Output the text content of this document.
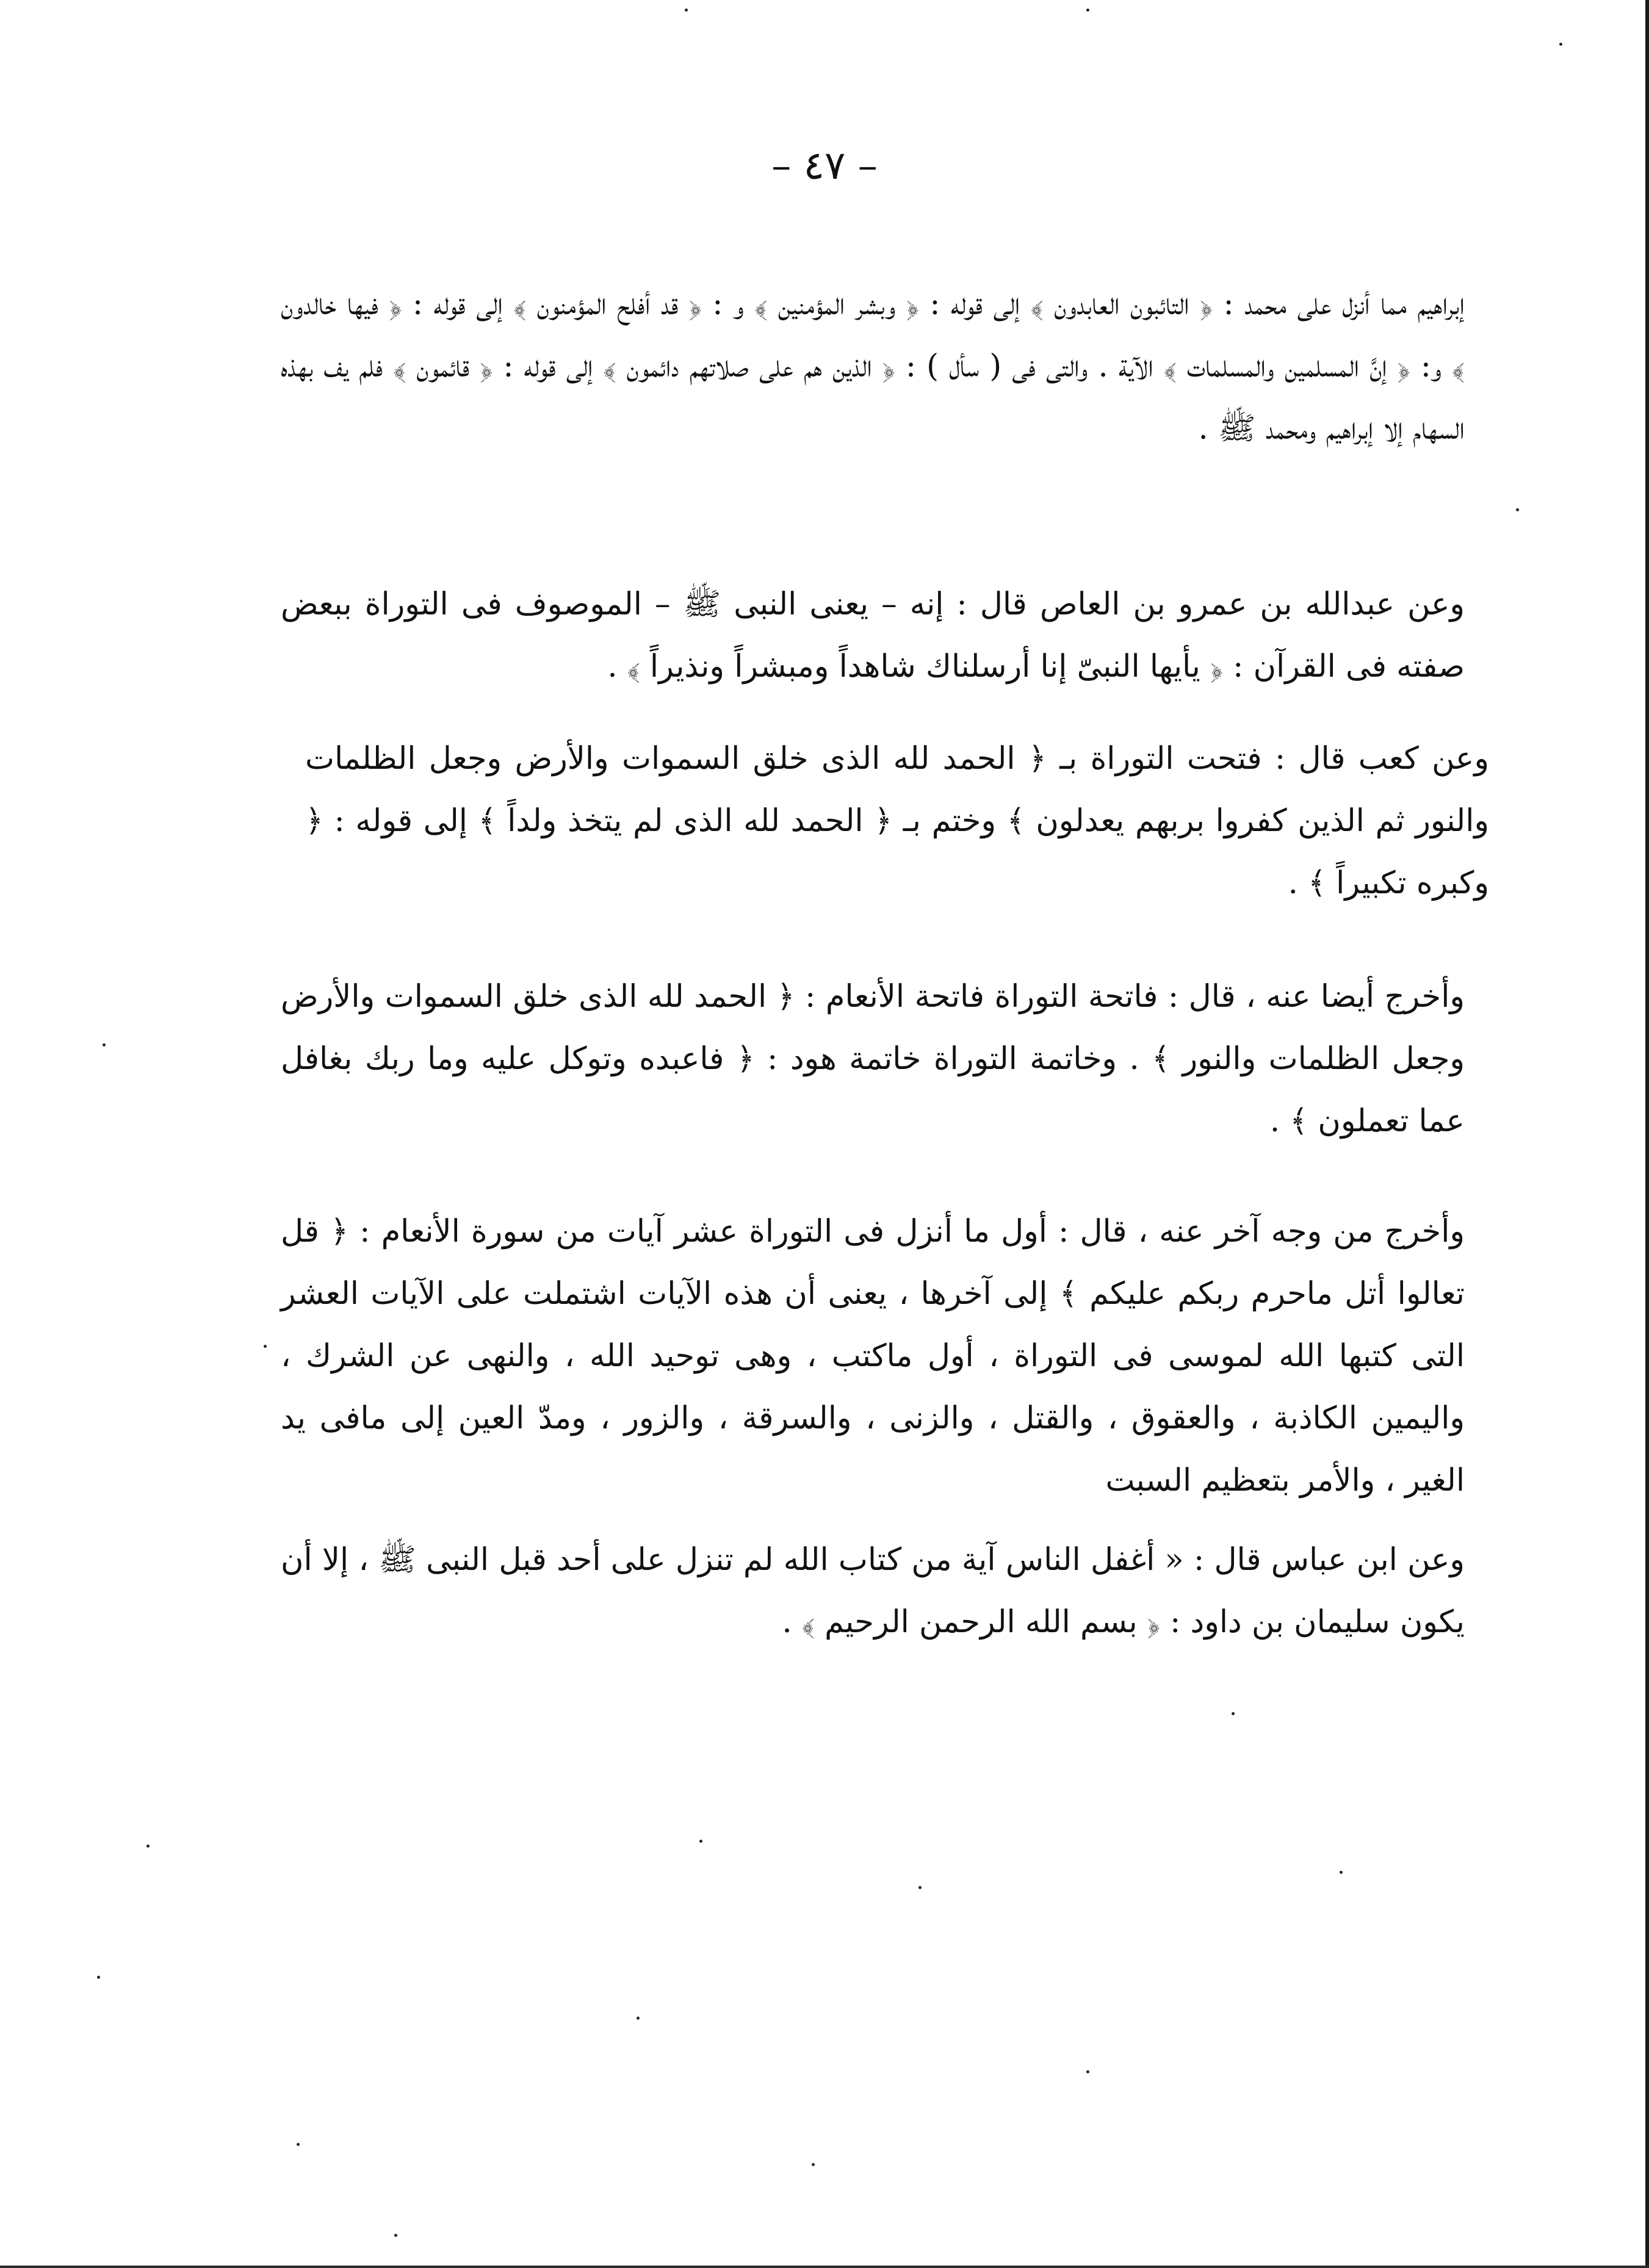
– ٤٧ –

إبراهيم مما أنزل على محمد : ﴿ التائبون العابدون ﴾ إلى قوله : ﴿ وبشر المؤمنين ﴾ و : ﴿ قد أفلح المؤمنون ﴾ إلى قوله : ﴿ فيها خالدون ﴾ و: ﴿ إنَّ المسلمين والمسلمات ﴾ الآية . والتى فى ( سأل ) : ﴿ الذين هم على صلاتهم دائمون ﴾ إلى قوله : ﴿ قائمون ﴾ فلم يف بهذه السهام إلا إبراهيم ومحمد ﷺ .

وعن عبدالله بن عمرو بن العاص قال : إنه – يعنى النبى ﷺ – الموصوف فى التوراة ببعض صفته فى القرآن : ﴿ يأيها النبىّ إنا أرسلناك شاهداً ومبشراً ونذيراً ﴾ .

وعن كعب قال : فتحت التوراة بـ ﴿ الحمد لله الذى خلق السموات والأرض وجعل الظلمات والنور ثم الذين كفروا بربهم يعدلون ﴾ وختم بـ ﴿ الحمد لله الذى لم يتخذ ولداً ﴾ إلى قوله : ﴿ وكبره تكبيراً ﴾ .

وأخرج أيضا عنه ، قال : فاتحة التوراة فاتحة الأنعام : ﴿ الحمد لله الذى خلق السموات والأرض وجعل الظلمات والنور ﴾ . وخاتمة التوراة خاتمة هود : ﴿ فاعبده وتوكل عليه وما ربك بغافل عما تعملون ﴾ .

وأخرج من وجه آخر عنه ، قال : أول ما أنزل فى التوراة عشر آيات من سورة الأنعام : ﴿ قل تعالوا أتل ماحرم ربكم عليكم ﴾ إلى آخرها ، يعنى أن هذه الآيات اشتملت على الآيات العشر التى كتبها الله لموسى فى التوراة ، أول ماكتب ، وهى توحيد الله ، والنهى عن الشرك ، واليمين الكاذبة ، والعقوق ، والقتل ، والزنى ، والسرقة ، والزور ، ومدّ العين إلى مافى يد الغير ، والأمر بتعظيم السبت

وعن ابن عباس قال : « أغفل الناس آية من كتاب الله لم تنزل على أحد قبل النبى ﷺ ، إلا أن يكون سليمان بن داود : ﴿ بسم الله الرحمن الرحيم ﴾ .
